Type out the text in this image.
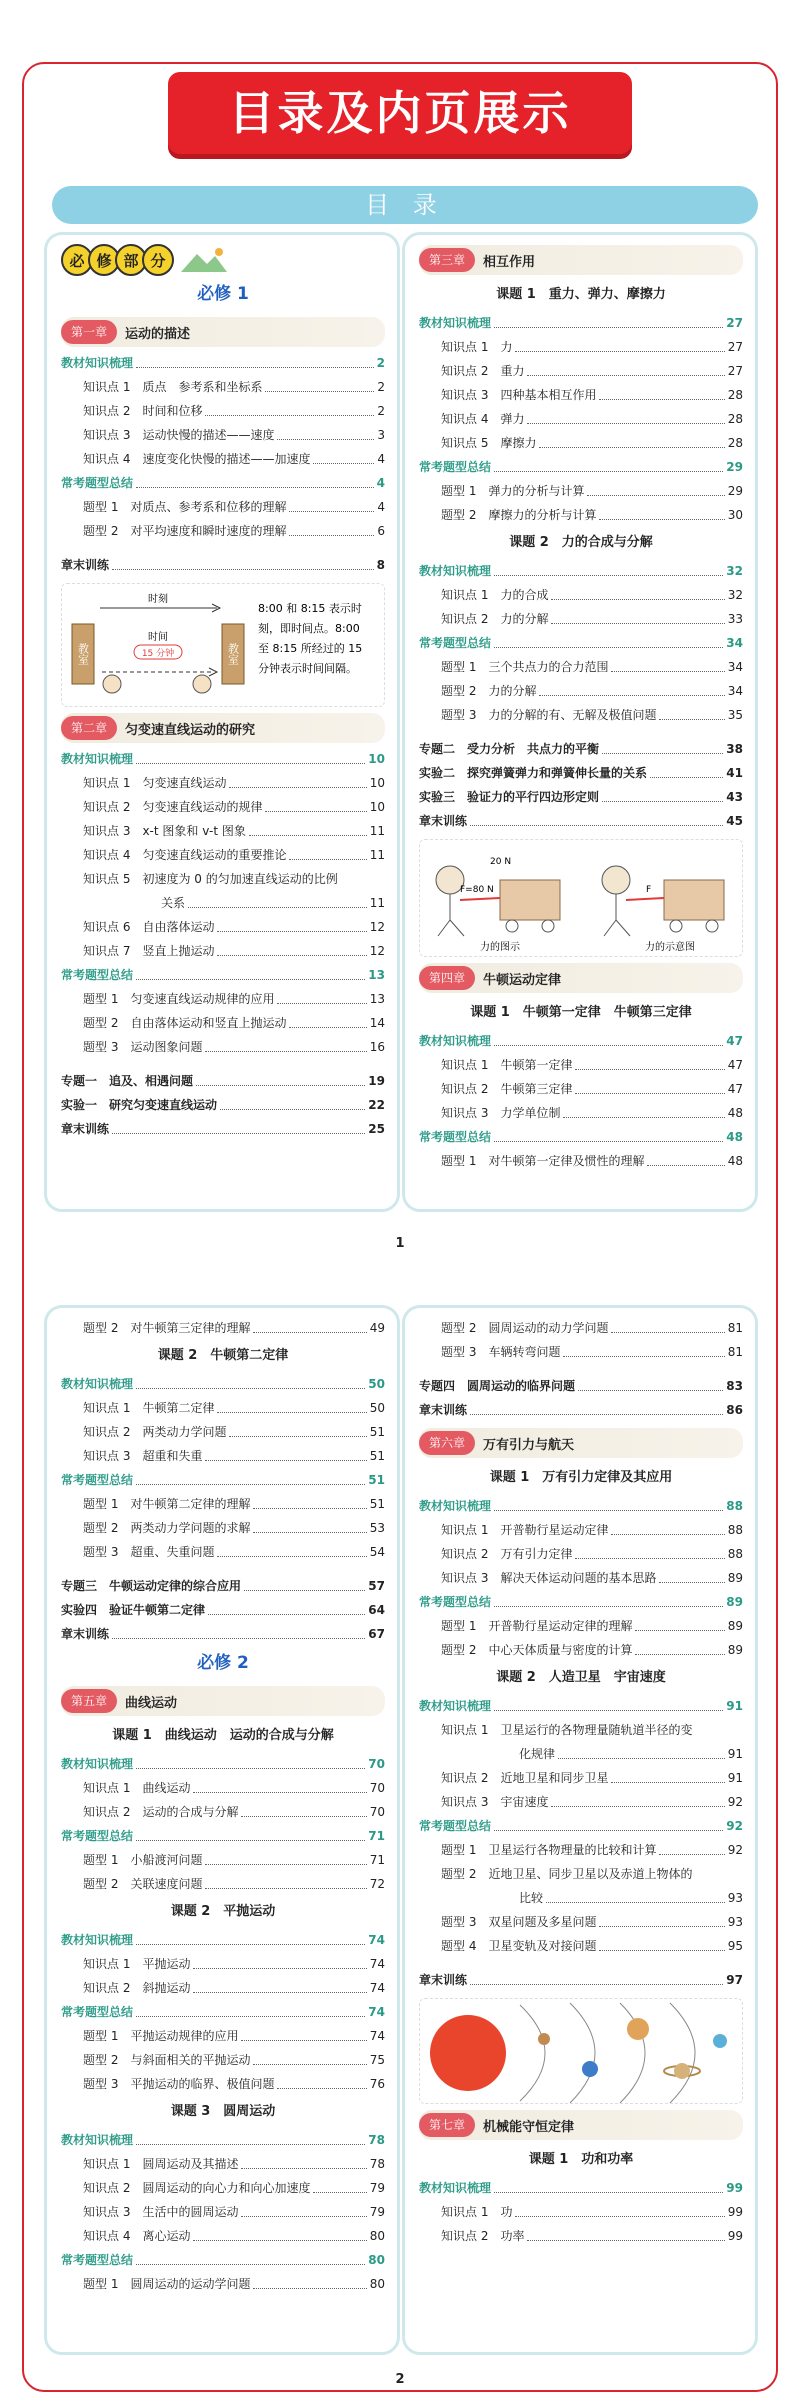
目录及内页展示
目 录
必 修 部 分
必修 1
第一章	运动的描述
教材知识梳理	2
知识点 1　质点　参考系和坐标系	2
知识点 2　时间和位移	2
知识点 3　运动快慢的描述——速度	3
知识点 4　速度变化快慢的描述——加速度	4
常考题型总结	4
题型 1　对质点、参考系和位移的理解	4
题型 2　对平均速度和瞬时速度的理解	6
章末训练	8
教室	教室
时刻
时间
15 分钟
8:00 和 8:15 表示时
刻，即时间点。8:00
至 8:15 所经过的 15
分钟表示时间间隔。
第二章	匀变速直线运动的研究
教材知识梳理	10
知识点 1　匀变速直线运动	10
知识点 2　匀变速直线运动的规律	10
知识点 3　x-t 图象和 v-t 图象	11
知识点 4　匀变速直线运动的重要推论	11
知识点 5　初速度为 0 的匀加速直线运动的比例
关系	11
知识点 6　自由落体运动	12
知识点 7　竖直上抛运动	12
常考题型总结	13
题型 1　匀变速直线运动规律的应用	13
题型 2　自由落体运动和竖直上抛运动	14
题型 3　运动图象问题	16
专题一　追及、相遇问题	19
实验一　研究匀变速直线运动	22
章末训练	25
第三章	相互作用
课题 1　重力、弹力、摩擦力
教材知识梳理	27
知识点 1　力	27
知识点 2　重力	27
知识点 3　四种基本相互作用	28
知识点 4　弹力	28
知识点 5　摩擦力	28
常考题型总结	29
题型 1　弹力的分析与计算	29
题型 2　摩擦力的分析与计算	30
课题 2　力的合成与分解
教材知识梳理	32
知识点 1　力的合成	32
知识点 2　力的分解	33
常考题型总结	34
题型 1　三个共点力的合力范围	34
题型 2　力的分解	34
题型 3　力的分解的有、无解及极值问题	35
专题二　受力分析　共点力的平衡	38
实验二　探究弹簧弹力和弹簧伸长量的关系	41
实验三　验证力的平行四边形定则	43
章末训练	45
20 N
F=80 N
力的图示
F
力的示意图
第四章	牛顿运动定律
课题 1　牛顿第一定律　牛顿第三定律
教材知识梳理	47
知识点 1　牛顿第一定律	47
知识点 2　牛顿第三定律	47
知识点 3　力学单位制	48
常考题型总结	48
题型 1　对牛顿第一定律及惯性的理解	48
1
题型 2　对牛顿第三定律的理解	49
课题 2　牛顿第二定律
教材知识梳理	50
知识点 1　牛顿第二定律	50
知识点 2　两类动力学问题	51
知识点 3　超重和失重	51
常考题型总结	51
题型 1　对牛顿第二定律的理解	51
题型 2　两类动力学问题的求解	53
题型 3　超重、失重问题	54
专题三　牛顿运动定律的综合应用	57
实验四　验证牛顿第二定律	64
章末训练	67
必修 2
第五章	曲线运动
课题 1　曲线运动　运动的合成与分解
教材知识梳理	70
知识点 1　曲线运动	70
知识点 2　运动的合成与分解	70
常考题型总结	71
题型 1　小船渡河问题	71
题型 2　关联速度问题	72
课题 2　平抛运动
教材知识梳理	74
知识点 1　平抛运动	74
知识点 2　斜抛运动	74
常考题型总结	74
题型 1　平抛运动规律的应用	74
题型 2　与斜面相关的平抛运动	75
题型 3　平抛运动的临界、极值问题	76
课题 3　圆周运动
教材知识梳理	78
知识点 1　圆周运动及其描述	78
知识点 2　圆周运动的向心力和向心加速度	79
知识点 3　生活中的圆周运动	79
知识点 4　离心运动	80
常考题型总结	80
题型 1　圆周运动的运动学问题	80
题型 2　圆周运动的动力学问题	81
题型 3　车辆转弯问题	81
专题四　圆周运动的临界问题	83
章末训练	86
第六章	万有引力与航天
课题 1　万有引力定律及其应用
教材知识梳理	88
知识点 1　开普勒行星运动定律	88
知识点 2　万有引力定律	88
知识点 3　解决天体运动问题的基本思路	89
常考题型总结	89
题型 1　开普勒行星运动定律的理解	89
题型 2　中心天体质量与密度的计算	89
课题 2　人造卫星　宇宙速度
教材知识梳理	91
知识点 1　卫星运行的各物理量随轨道半径的变
化规律	91
知识点 2　近地卫星和同步卫星	91
知识点 3　宇宙速度	92
常考题型总结	92
题型 1　卫星运行各物理量的比较和计算	92
题型 2　近地卫星、同步卫星以及赤道上物体的
比较	93
题型 3　双星问题及多星问题	93
题型 4　卫星变轨及对接问题	95
章末训练	97
第七章	机械能守恒定律
课题 1　功和功率
教材知识梳理	99
知识点 1　功	99
知识点 2　功率	99
2
